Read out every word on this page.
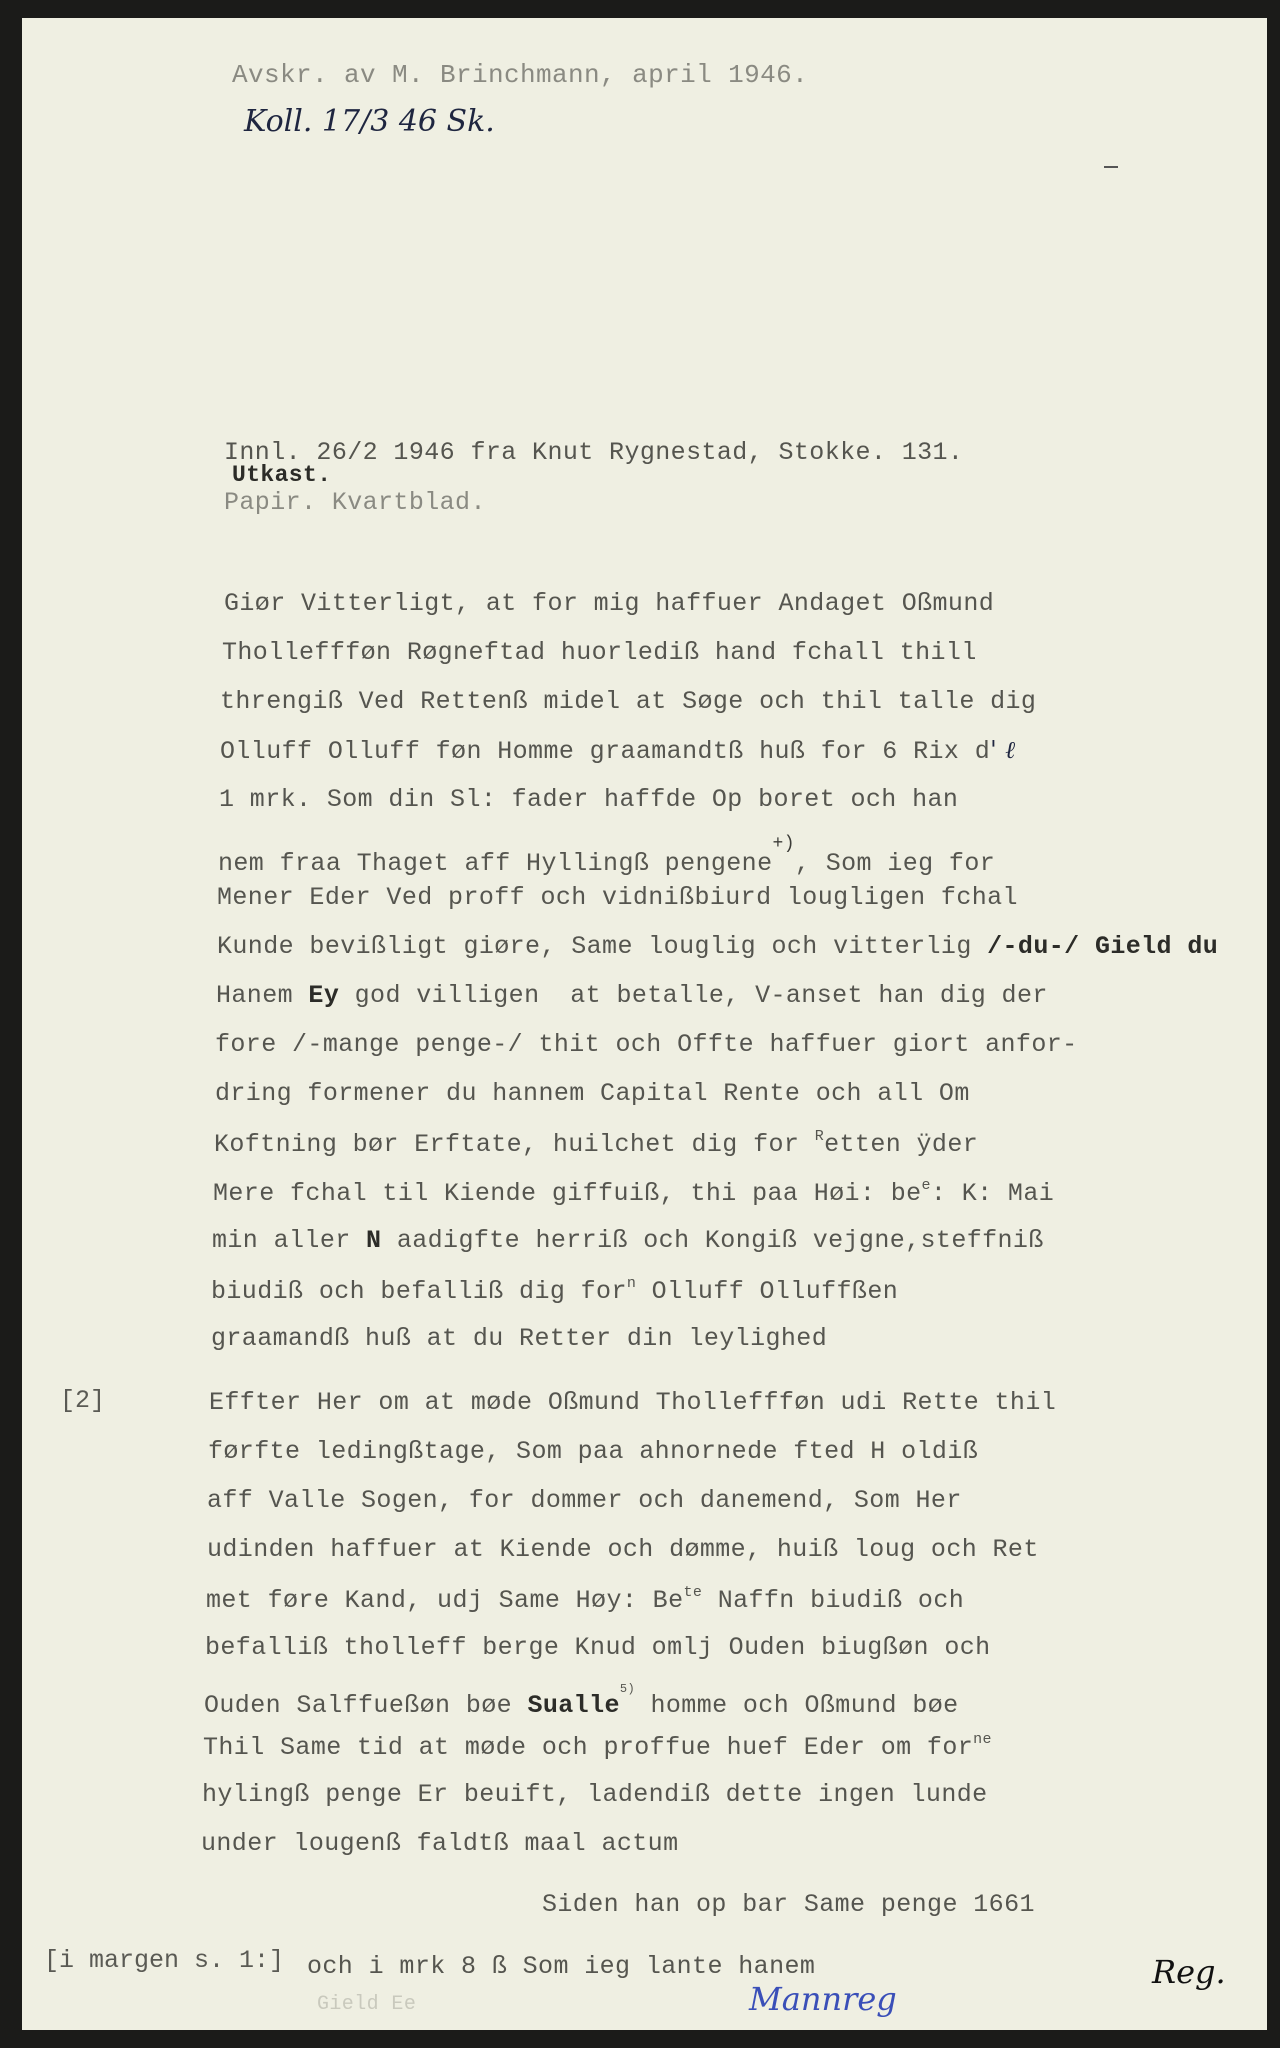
Avskr. av M. Brinchmann, april 1946.
Koll. 17/3 46 Sk.
Innl. 26/2 1946 fra Knut Rygnestad, Stokke. 131.
Utkast.
Papir. Kvartblad.
Giør Vitterligt, at for mig haffuer Andaget Oßmund
Tholleffføn Røgneftad huorlediß hand fchall thill
threngiß Ved Rettenß midel at Søge och thil talle dig
Olluff Olluff føn Homme graamandtß huß for 6 Rix d' ℓ
1 mrk. Som din Sl: fader haffde Op boret och han
nem fraa Thaget aff Hyllingß pengene+), Som ieg for
Mener Eder Ved proff och vidnißbiurd lougligen fchal
Kunde bevißligt giøre, Same louglig och vitterlig /-du-/ Gield du
Hanem Ey god villigen  at betalle, V-anset han dig der
fore /-mange penge-/ thit och Offte haffuer giort anfor-
dring formener du hannem Capital Rente och all Om
Koftning bør Erftate, huilchet dig for $^R$etten ÿder
Mere fchal til Kiende giffuiß, thi paa Høi: $be^e$: K: Mai
min aller N aadigfte herriß och Kongiß vejgne,steffniß
biudiß och befalliß dig for$^n$ Olluff Olluffßen
graamandß huß at du Retter din leylighed
[2]	Effter Her om at møde Oßmund Tholleffføn udi Rette thil
førfte ledingßtage, Som paa ahnornede fted H oldiß
aff Valle Sogen, for dommer och danemend, Som Her
udinden haffuer at Kiende och dømme, huiß loug och Ret
met føre Kand, udj Same Høy: $Be^{te}$ Naffn biudiß och
befalliß tholleff berge Knud omlj Ouden biugßøn och
Ouden Salffueßøn bøe Sualle$^{5)}$ homme och Oßmund bøe
Thil Same tid at møde och proffue huef Eder om for$^{ne}$
hylingß penge Er beuift, ladendiß dette ingen lunde
under lougenß faldtß maal actum
Siden han op bar Same penge 1661
[i margen s. 1:] och i mrk 8 ß Som ieg lante hanem
Gield Ee	Mannreg
Reg.
